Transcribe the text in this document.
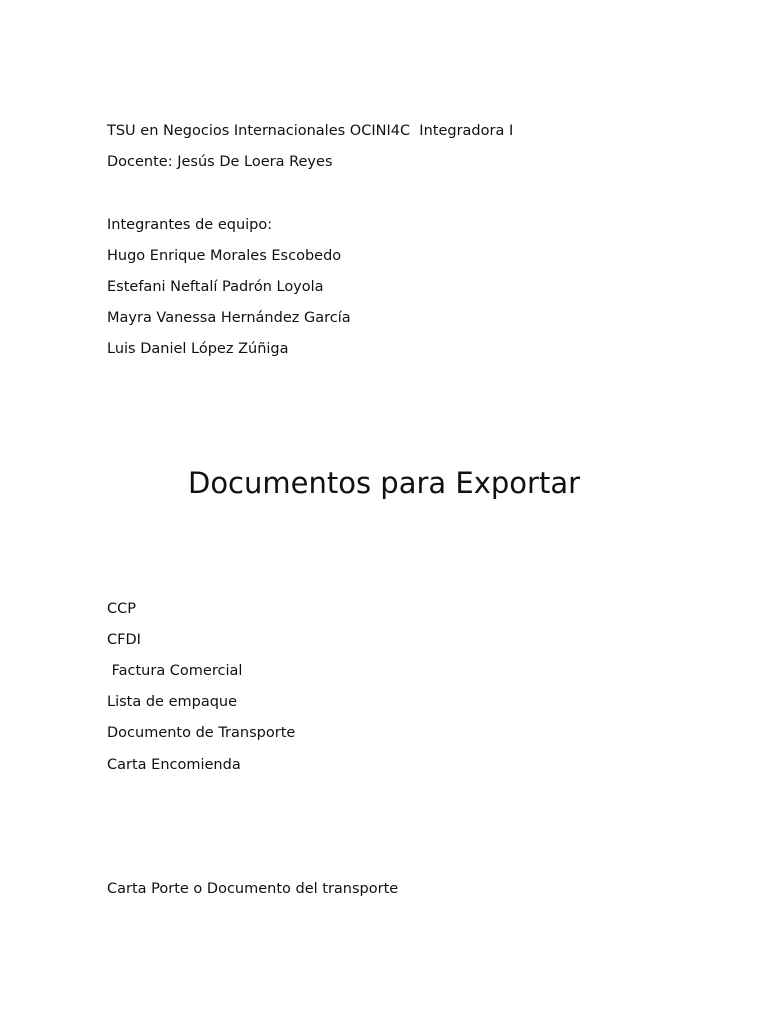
TSU en Negocios Internacionales OCINI4C  Integradora I
Docente: Jesús De Loera Reyes
Integrantes de equipo:
Hugo Enrique Morales Escobedo
Estefani Neftalí Padrón Loyola
Mayra Vanessa Hernández García
Luis Daniel López Zúñiga
Documentos para Exportar
CCP
CFDI
Factura Comercial
Lista de empaque
Documento de Transporte
Carta Encomienda
Carta Porte o Documento del transporte
